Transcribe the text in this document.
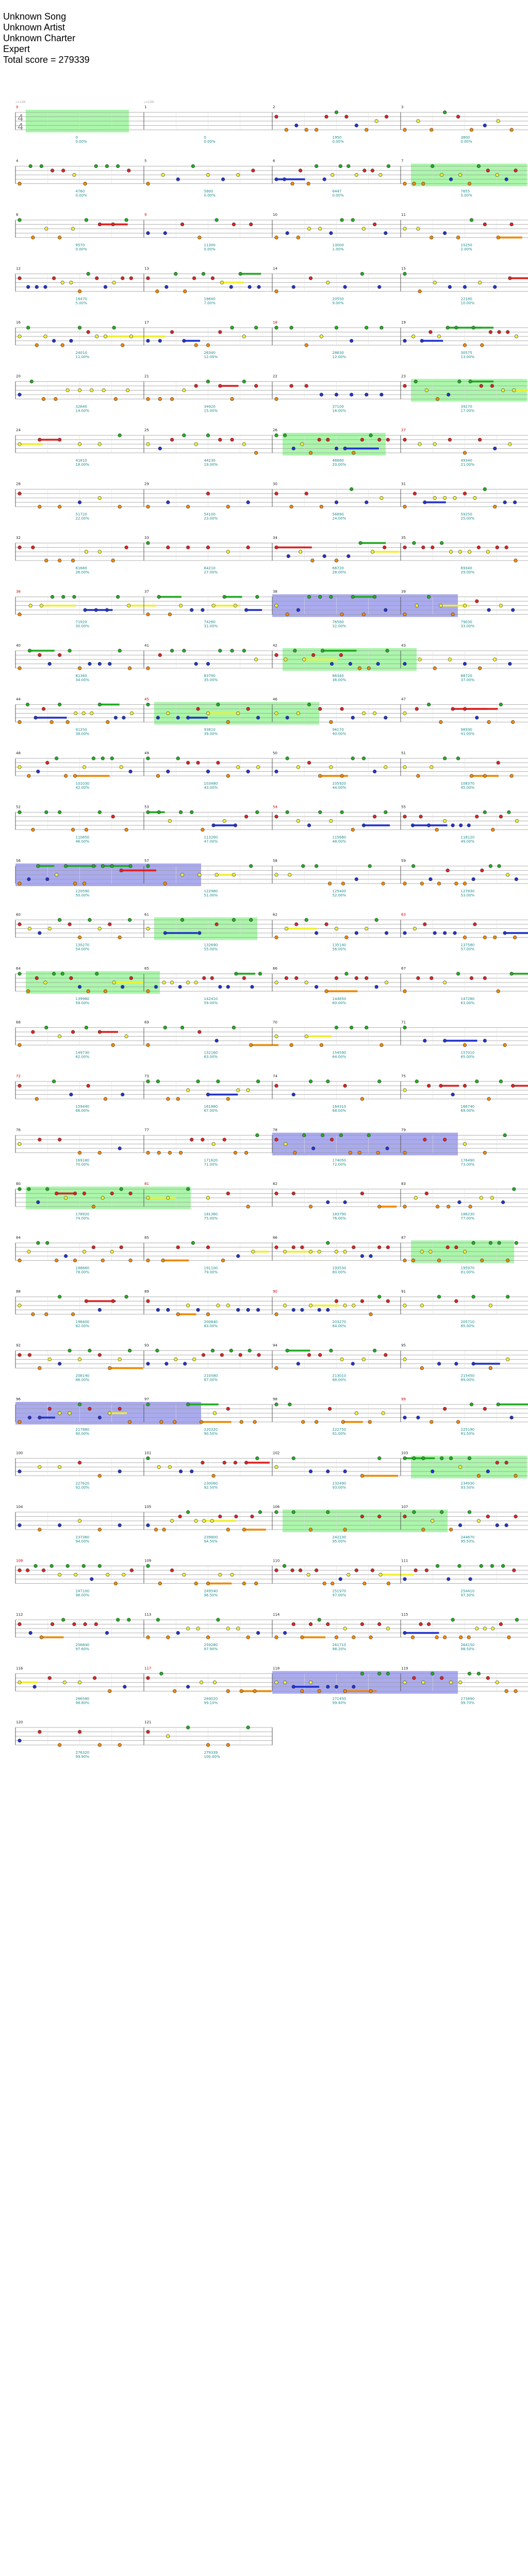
Unknown Song
Unknown Artist
Unknown Charter
Expert
Total score = 279339
0
0
0.00%
1
0
0.00%
2
1950
0.00%
3
3800
0.00%
4
4
♩=130	♩=130
4
4760
0.00%
5
5800
0.00%
6
6447
0.00%
7
7655
0.00%
8
9570
0.00%
9
11300
0.00%
10
13000
1.00%
11
15250
2.00%
12
16470
5.00%
13
18640
7.00%
14
20550
9.00%
15
22180
10.00%
16
24010
11.00%
17
26340
12.00%
18
28630
12.00%
19
30575
13.00%
20
32640
14.00%
21
34920
15.00%
22
37100
16.00%
23
39270
17.00%
24
41810
18.00%
25
44230
19.00%
26
46680
20.00%
27
49340
21.00%
28
51720
22.00%
29
54100
23.00%
30
56890
24.00%
31
59250
25.00%
32
61680
26.00%
33
64210
27.00%
34
66720
28.00%
35
69340
29.00%
36
71920
30.00%
37
74260
31.00%
38
76580
32.00%
39
79030
33.00%
40
81360
34.00%
41
83790
35.00%
42
86340
36.00%
43
88720
37.00%
44
91250
38.00%
45
93810
39.00%
46
96170
40.00%
47
98590
41.00%
48
101030
42.00%
49
103480
43.00%
50
105920
44.00%
51
108370
45.00%
52
110850
46.00%
53
113260
47.00%
54
115680
48.00%
55
118120
49.00%
56
120590
50.00%
57
122980
51.00%
58
125400
52.00%
59
127830
53.00%
60
130270
54.00%
61
132690
55.00%
62
135140
56.00%
63
137580
57.00%
64
139960
58.00%
65
142410
59.00%
66
144850
60.00%
67
147280
61.00%
68
149730
62.00%
69
152160
63.00%
70
154590
64.00%
71
157010
65.00%
72
159440
66.00%
73
161880
67.00%
74
164310
68.00%
75
166740
69.00%
76
169180
70.00%
77
171620
71.00%
78
174050
72.00%
79
176490
73.00%
80
178920
74.00%
81
181360
75.00%
82
183790
76.00%
83
186230
77.00%
84
188660
78.00%
85
191100
79.00%
86
193530
80.00%
87
195970
81.00%
88
198400
82.00%
89
200840
83.00%
90
203270
84.00%
91
205710
85.00%
92
208140
86.00%
93
210580
87.00%
94
213010
88.00%
95
215450
89.00%
96
217880
90.00%
97
220320
90.50%
98
222750
91.00%
99
225190
91.50%
100
227620
92.00%
101
230060
92.50%
102
232490
93.00%
103
234930
93.50%
104
237360
94.00%
105
239800
94.50%
106
242230
95.00%
107
244670
95.50%
108
247100
96.00%
109
249540
96.50%
110
251970
97.00%
111
254410
97.30%
112
256840
97.60%
113
259280
97.90%
114
261710
98.20%
115
264150
98.50%
116
266580
98.80%
117
269020
99.10%
118
271450
99.40%
119
273890
99.70%
120
276320
99.90%
121
279339
100.00%
